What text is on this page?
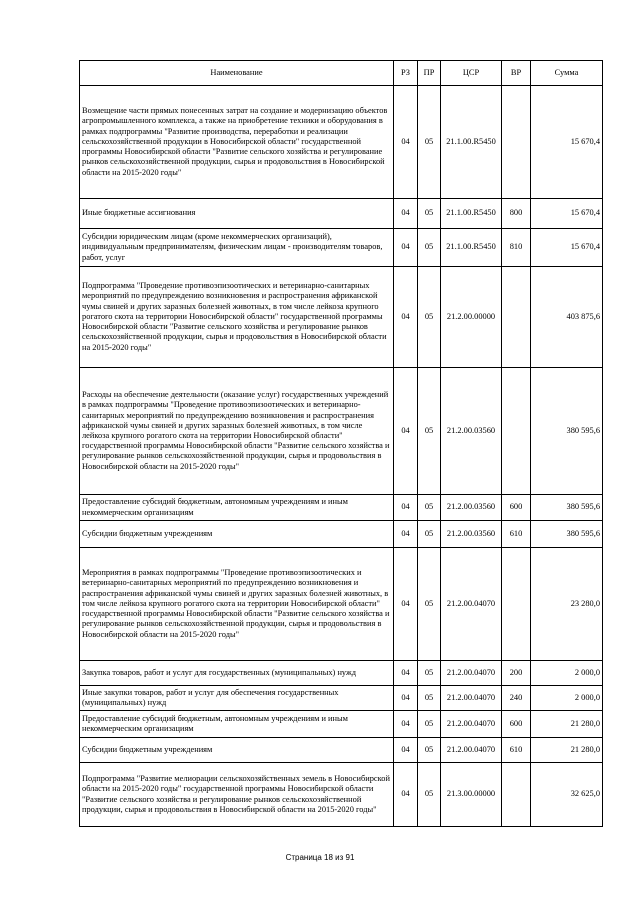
Наименование	РЗ	ПР	ЦСР	ВР	Сумма
Возмещение части прямых понесенных затрат на создание и модернизацию объектов агропромышленного комплекса, а также на приобретение техники и оборудования в рамках подпрограммы "Развитие производства, переработки и реализации сельскохозяйственной продукции в Новосибирской области" государственной программы Новосибирской области "Развитие сельского хозяйства и регулирование рынков сельскохозяйственной продукции, сырья и продовольствия в Новосибирской области на 2015-2020 годы"	04	05	21.1.00.R5450		15 670,4
Иные бюджетные ассигнования	04	05	21.1.00.R5450	800	15 670,4
Субсидии юридическим лицам (кроме некоммерческих организаций), индивидуальным предпринимателям, физическим лицам - производителям товаров, работ, услуг	04	05	21.1.00.R5450	810	15 670,4
Подпрограмма "Проведение противоэпизоотических и ветеринарно-санитарных мероприятий по предупреждению возникновения и распространения африканской чумы свиней и других заразных болезней животных, в том числе лейкоза крупного рогатого скота на территории Новосибирской области" государственной программы Новосибирской области "Развитие сельского хозяйства и регулирование рынков сельскохозяйственной продукции, сырья и продовольствия в Новосибирской области на 2015-2020 годы"	04	05	21.2.00.00000		403 875,6
Расходы на обеспечение деятельности (оказание услуг) государственных учреждений в рамках подпрограммы "Проведение противоэпизоотических и ветеринарно-санитарных мероприятий по предупреждению возникновения и распространения африканской чумы свиней и других заразных болезней животных, в том числе лейкоза крупного рогатого скота на территории Новосибирской области" государственной программы Новосибирской области "Развитие сельского хозяйства и регулирование рынков сельскохозяйственной продукции, сырья и продовольствия в Новосибирской области на 2015-2020 годы"	04	05	21.2.00.03560		380 595,6
Предоставление субсидий бюджетным, автономным учреждениям и иным некоммерческим организациям	04	05	21.2.00.03560	600	380 595,6
Субсидии бюджетным учреждениям	04	05	21.2.00.03560	610	380 595,6
Мероприятия в рамках подпрограммы "Проведение противоэпизоотических и ветеринарно-санитарных мероприятий по предупреждению возникновения и распространения африканской чумы свиней и других заразных болезней животных, в том числе лейкоза крупного рогатого скота на территории Новосибирской области" государственной программы Новосибирской области "Развитие сельского хозяйства и регулирование рынков сельскохозяйственной продукции, сырья и продовольствия в Новосибирской области на 2015-2020 годы"	04	05	21.2.00.04070		23 280,0
Закупка товаров, работ и услуг для государственных (муниципальных) нужд	04	05	21.2.00.04070	200	2 000,0
Иные закупки товаров, работ и услуг для обеспечения государственных (муниципальных) нужд	04	05	21.2.00.04070	240	2 000,0
Предоставление субсидий бюджетным, автономным учреждениям и иным некоммерческим организациям	04	05	21.2.00.04070	600	21 280,0
Субсидии бюджетным учреждениям	04	05	21.2.00.04070	610	21 280,0
Подпрограмма "Развитие мелиорации сельскохозяйственных земель в Новосибирской области на 2015-2020 годы" государственной программы Новосибирской области "Развитие сельского хозяйства и регулирование рынков сельскохозяйственной продукции, сырья и продовольствия в Новосибирской области на 2015-2020 годы"	04	05	21.3.00.00000		32 625,0
Страница 18 из 91
